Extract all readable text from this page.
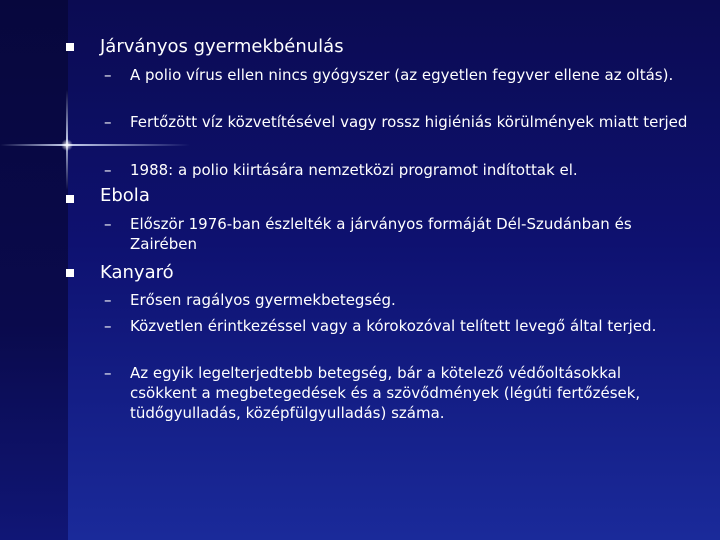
Járványos gyermekbénulás
– A polio vírus ellen nincs gyógyszer (az egyetlen fegyver ellene az oltás).
– Fertőzött víz közvetítésével vagy rossz higiéniás körülmények miatt terjed
– 1988: a polio kiirtására nemzetközi programot indítottak el.
Ebola
– Először 1976-ban észlelték a járványos formáját Dél-Szudánban és Zairében
Kanyaró
– Erősen ragályos gyermekbetegség.
– Közvetlen érintkezéssel vagy a kórokozóval telített levegő által terjed.
– Az egyik legelterjedtebb betegség, bár a kötelező védőoltásokkal csökkent a megbetegedések és a szövődmények (légúti fertőzések, tüdőgyulladás, középfülgyulladás) száma.
